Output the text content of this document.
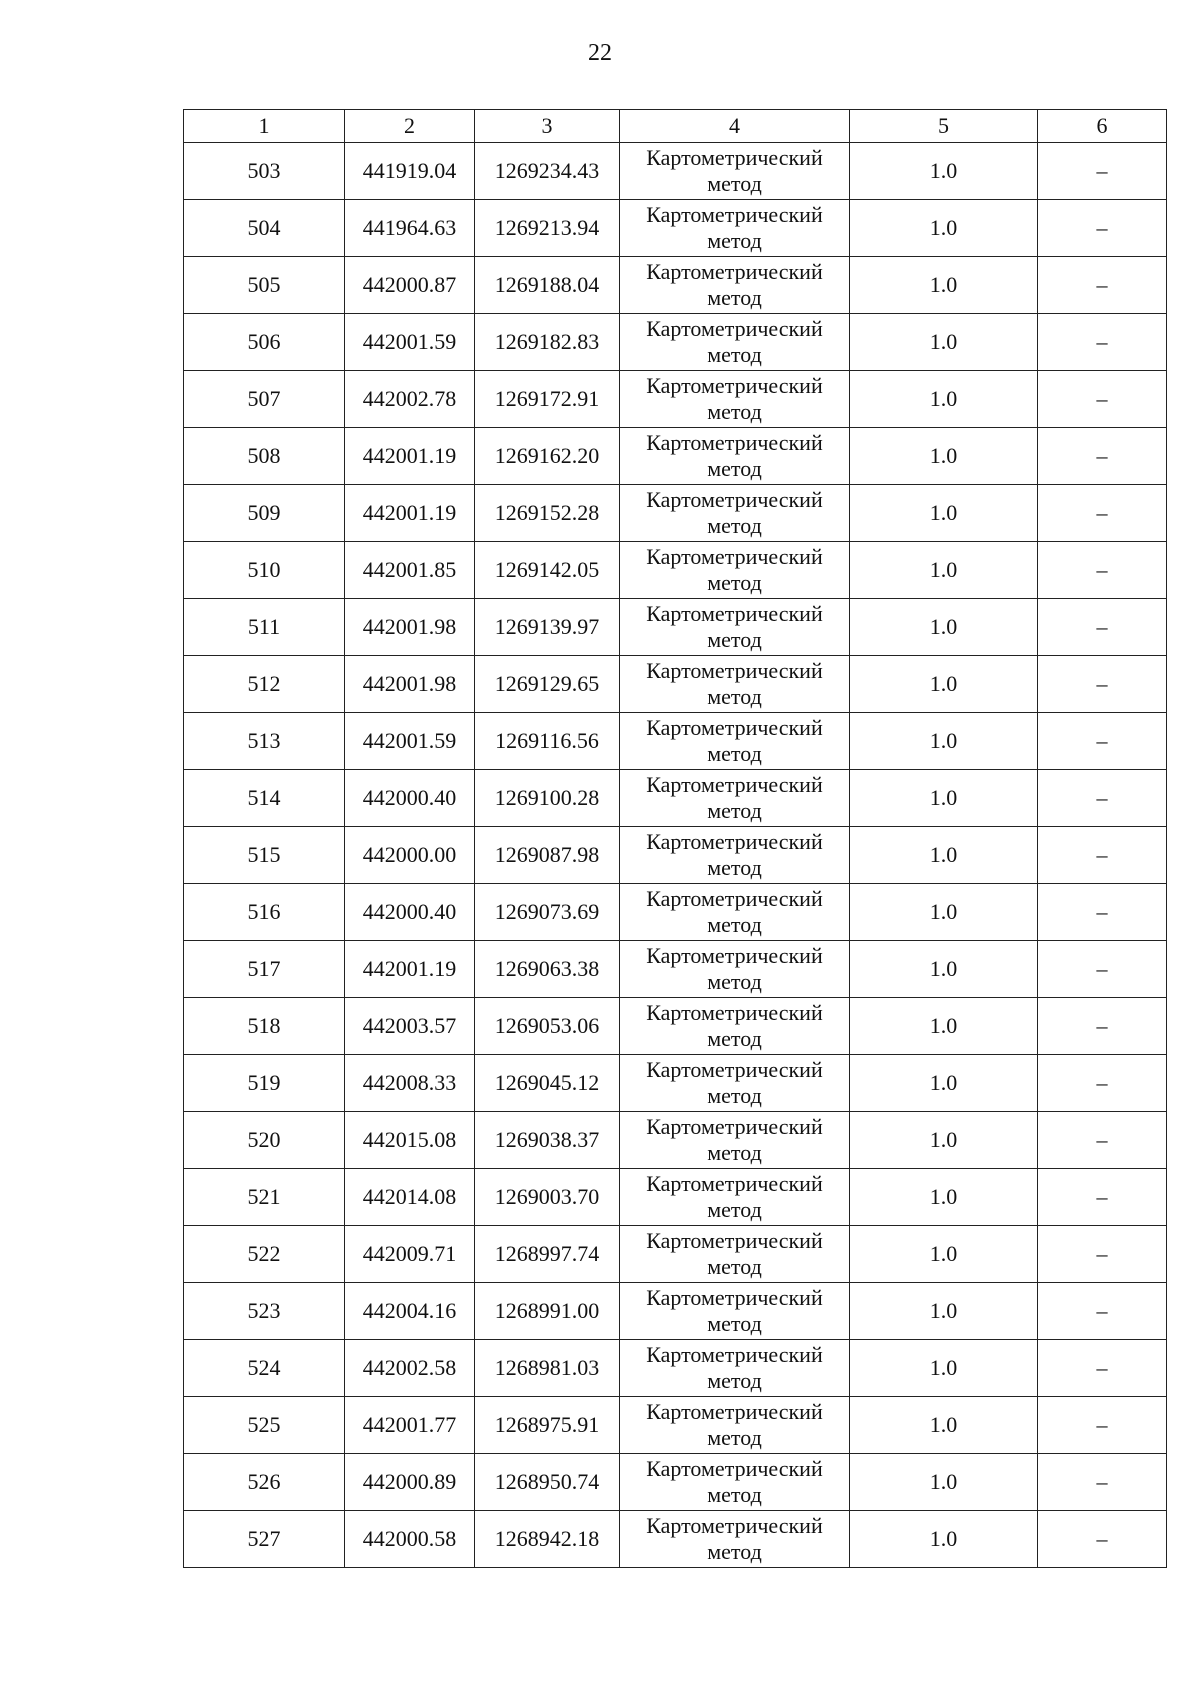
22
1	2	3	4	5	6
503	441919.04	1269234.43	Картометрический метод	1.0	–
504	441964.63	1269213.94	Картометрический метод	1.0	–
505	442000.87	1269188.04	Картометрический метод	1.0	–
506	442001.59	1269182.83	Картометрический метод	1.0	–
507	442002.78	1269172.91	Картометрический метод	1.0	–
508	442001.19	1269162.20	Картометрический метод	1.0	–
509	442001.19	1269152.28	Картометрический метод	1.0	–
510	442001.85	1269142.05	Картометрический метод	1.0	–
511	442001.98	1269139.97	Картометрический метод	1.0	–
512	442001.98	1269129.65	Картометрический метод	1.0	–
513	442001.59	1269116.56	Картометрический метод	1.0	–
514	442000.40	1269100.28	Картометрический метод	1.0	–
515	442000.00	1269087.98	Картометрический метод	1.0	–
516	442000.40	1269073.69	Картометрический метод	1.0	–
517	442001.19	1269063.38	Картометрический метод	1.0	–
518	442003.57	1269053.06	Картометрический метод	1.0	–
519	442008.33	1269045.12	Картометрический метод	1.0	–
520	442015.08	1269038.37	Картометрический метод	1.0	–
521	442014.08	1269003.70	Картометрический метод	1.0	–
522	442009.71	1268997.74	Картометрический метод	1.0	–
523	442004.16	1268991.00	Картометрический метод	1.0	–
524	442002.58	1268981.03	Картометрический метод	1.0	–
525	442001.77	1268975.91	Картометрический метод	1.0	–
526	442000.89	1268950.74	Картометрический метод	1.0	–
527	442000.58	1268942.18	Картометрический метод	1.0	–
